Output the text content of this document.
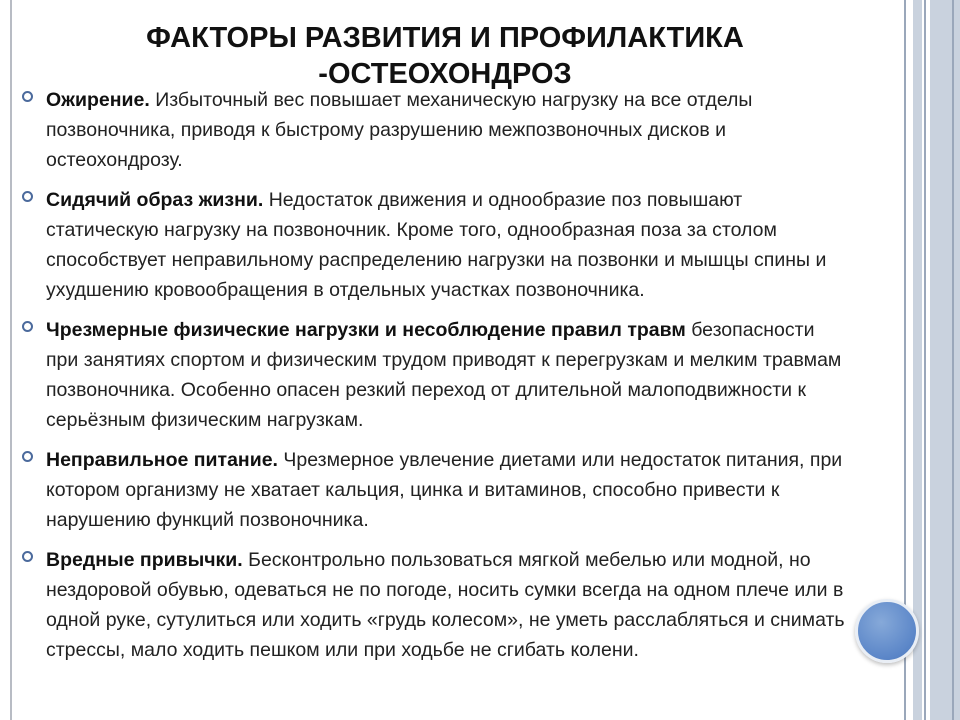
ФАКТОРЫ РАЗВИТИЯ И ПРОФИЛАКТИКА
-ОСТЕОХОНДРОЗ
Ожирение. Избыточный вес повышает механическую нагрузку на все отделы позвоночника, приводя к быстрому разрушению межпозвоночных дисков и остеохондрозу.
Сидячий образ жизни. Недостаток движения и однообразие поз повышают статическую нагрузку на позвоночник. Кроме того, однообразная поза за столом способствует неправильному распределению нагрузки на позвонки и мышцы спины и ухудшению кровообращения в отдельных участках позвоночника.
Чрезмерные физические нагрузки и несоблюдение правил травм безопасности при занятиях спортом и физическим трудом приводят к перегрузкам и мелким травмам позвоночника. Особенно опасен резкий переход от длительной малоподвижности к серьёзным физическим нагрузкам.
Неправильное питание. Чрезмерное увлечение диетами или недостаток питания, при котором организму не хватает кальция, цинка и витаминов, способно привести к нарушению функций позвоночника.
Вредные привычки. Бесконтрольно пользоваться мягкой мебелью или модной, но нездоровой обувью, одеваться не по погоде, носить сумки всегда на одном плече или в одной руке, сутулиться или ходить «грудь колесом», не уметь расслабляться и снимать стрессы, мало ходить пешком или при ходьбе не сгибать колени.
